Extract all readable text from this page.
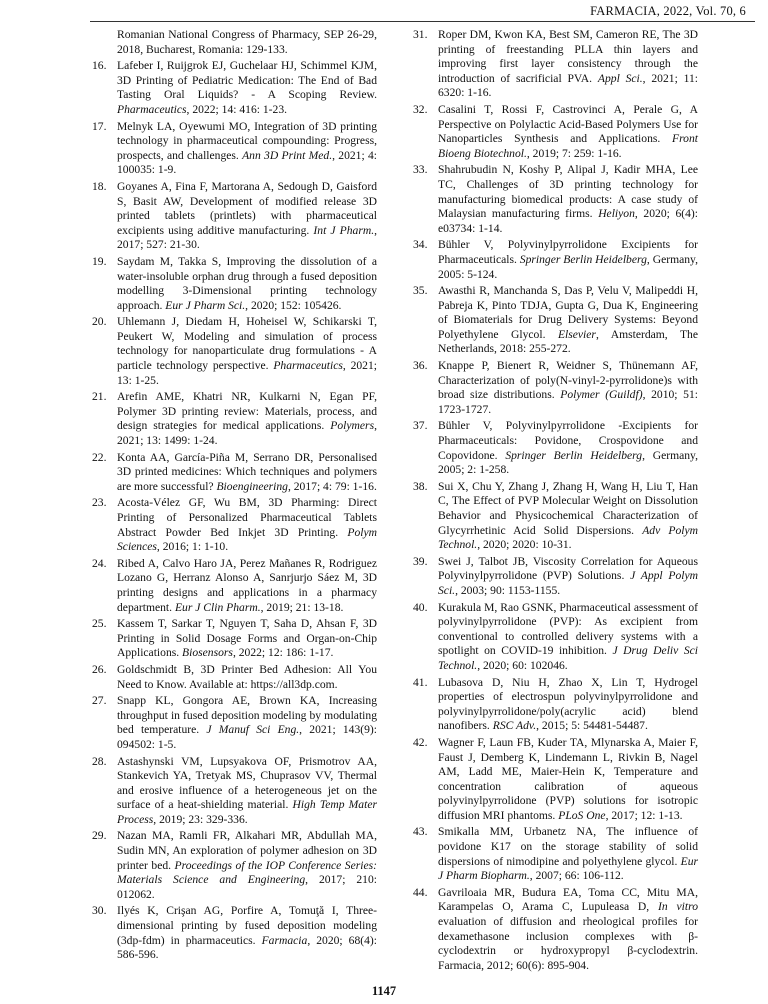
FARMACIA, 2022, Vol. 70, 6
Romanian National Congress of Pharmacy, SEP 26-29, 2018, Bucharest, Romania: 129-133.
16. Lafeber I, Ruijgrok EJ, Guchelaar HJ, Schimmel KJM, 3D Printing of Pediatric Medication: The End of Bad Tasting Oral Liquids? - A Scoping Review. Pharmaceutics, 2022; 14: 416: 1-23.
17. Melnyk LA, Oyewumi MO, Integration of 3D printing technology in pharmaceutical compounding: Progress, prospects, and challenges. Ann 3D Print Med., 2021; 4: 100035: 1-9.
18. Goyanes A, Fina F, Martorana A, Sedough D, Gaisford S, Basit AW, Development of modified release 3D printed tablets (printlets) with pharmaceutical excipients using additive manufacturing. Int J Pharm., 2017; 527: 21-30.
19. Saydam M, Takka S, Improving the dissolution of a water-insoluble orphan drug through a fused deposition modelling 3-Dimensional printing technology approach. Eur J Pharm Sci., 2020; 152: 105426.
20. Uhlemann J, Diedam H, Hoheisel W, Schikarski T, Peukert W, Modeling and simulation of process technology for nanoparticulate drug formulations - A particle technology perspective. Pharmaceutics, 2021; 13: 1-25.
21. Arefin AME, Khatri NR, Kulkarni N, Egan PF, Polymer 3D printing review: Materials, process, and design strategies for medical applications. Polymers, 2021; 13: 1499: 1-24.
22. Konta AA, García-Piña M, Serrano DR, Personalised 3D printed medicines: Which techniques and polymers are more successful? Bioengineering, 2017; 4: 79: 1-16.
23. Acosta-Vélez GF, Wu BM, 3D Pharming: Direct Printing of Personalized Pharmaceutical Tablets Abstract Powder Bed Inkjet 3D Printing. Polym Sciences, 2016; 1: 1-10.
24. Ribed A, Calvo Haro JA, Perez Mañanes R, Rodriguez Lozano G, Herranz Alonso A, Sanrjurjo Sáez M, 3D printing designs and applications in a pharmacy department. Eur J Clin Pharm., 2019; 21: 13-18.
25. Kassem T, Sarkar T, Nguyen T, Saha D, Ahsan F, 3D Printing in Solid Dosage Forms and Organ-on-Chip Applications. Biosensors, 2022; 12: 186: 1-17.
26. Goldschmidt B, 3D Printer Bed Adhesion: All You Need to Know. Available at: https://all3dp.com.
27. Snapp KL, Gongora AE, Brown KA, Increasing throughput in fused deposition modeling by modulating bed temperature. J Manuf Sci Eng., 2021; 143(9): 094502: 1-5.
28. Astashynski VM, Lupsyakova OF, Prismotrov AA, Stankevich YA, Tretyak MS, Chuprasov VV, Thermal and erosive influence of a heterogeneous jet on the surface of a heat-shielding material. High Temp Mater Process, 2019; 23: 329-336.
29. Nazan MA, Ramli FR, Alkahari MR, Abdullah MA, Sudin MN, An exploration of polymer adhesion on 3D printer bed. Proceedings of the IOP Conference Series: Materials Science and Engineering, 2017; 210: 012062.
30. Ilyés K, Crişan AG, Porfire A, Tomuţă I, Three-dimensional printing by fused deposition modeling (3dp-fdm) in pharmaceutics. Farmacia, 2020; 68(4): 586-596.
31. Roper DM, Kwon KA, Best SM, Cameron RE, The 3D printing of freestanding PLLA thin layers and improving first layer consistency through the introduction of sacrificial PVA. Appl Sci., 2021; 11: 6320: 1-16.
32. Casalini T, Rossi F, Castrovinci A, Perale G, A Perspective on Polylactic Acid-Based Polymers Use for Nanoparticles Synthesis and Applications. Front Bioeng Biotechnol., 2019; 7: 259: 1-16.
33. Shahrubudin N, Koshy P, Alipal J, Kadir MHA, Lee TC, Challenges of 3D printing technology for manufacturing biomedical products: A case study of Malaysian manufacturing firms. Heliyon, 2020; 6(4): e03734: 1-14.
34. Bühler V, Polyvinylpyrrolidone Excipients for Pharmaceuticals. Springer Berlin Heidelberg, Germany, 2005: 5-124.
35. Awasthi R, Manchanda S, Das P, Velu V, Malipeddi H, Pabreja K, Pinto TDJA, Gupta G, Dua K, Engineering of Biomaterials for Drug Delivery Systems: Beyond Polyethylene Glycol. Elsevier, Amsterdam, The Netherlands, 2018: 255-272.
36. Knappe P, Bienert R, Weidner S, Thünemann AF, Characterization of poly(N-vinyl-2-pyrrolidone)s with broad size distributions. Polymer (Guildf), 2010; 51: 1723-1727.
37. Bühler V, Polyvinylpyrrolidone -Excipients for Pharmaceuticals: Povidone, Crospovidone and Copovidone. Springer Berlin Heidelberg, Germany, 2005; 2: 1-258.
38. Sui X, Chu Y, Zhang J, Zhang H, Wang H, Liu T, Han C, The Effect of PVP Molecular Weight on Dissolution Behavior and Physicochemical Characterization of Glycyrrhetinic Acid Solid Dispersions. Adv Polym Technol., 2020; 2020: 10-31.
39. Swei J, Talbot JB, Viscosity Correlation for Aqueous Polyvinylpyrrolidone (PVP) Solutions. J Appl Polym Sci., 2003; 90: 1153-1155.
40. Kurakula M, Rao GSNK, Pharmaceutical assessment of polyvinylpyrrolidone (PVP): As excipient from conventional to controlled delivery systems with a spotlight on COVID-19 inhibition. J Drug Deliv Sci Technol., 2020; 60: 102046.
41. Lubasova D, Niu H, Zhao X, Lin T, Hydrogel properties of electrospun polyvinylpyrrolidone and polyvinylpyrrolidone/poly(acrylic acid) blend nanofibers. RSC Adv., 2015; 5: 54481-54487.
42. Wagner F, Laun FB, Kuder TA, Mlynarska A, Maier F, Faust J, Demberg K, Lindemann L, Rivkin B, Nagel AM, Ladd ME, Maier-Hein K, Temperature and concentration calibration of aqueous polyvinylpyrrolidone (PVP) solutions for isotropic diffusion MRI phantoms. PLoS One, 2017; 12: 1-13.
43. Smikalla MM, Urbanetz NA, The influence of povidone K17 on the storage stability of solid dispersions of nimodipine and polyethylene glycol. Eur J Pharm Biopharm., 2007; 66: 106-112.
44. Gavriloaia MR, Budura EA, Toma CC, Mitu MA, Karampelas O, Arama C, Lupuleasa D, In vitro evaluation of diffusion and rheological profiles for dexamethasone inclusion complexes with β-cyclodextrin or hydroxypropyl β-cyclodextrin. Farmacia, 2012; 60(6): 895-904.
1147
